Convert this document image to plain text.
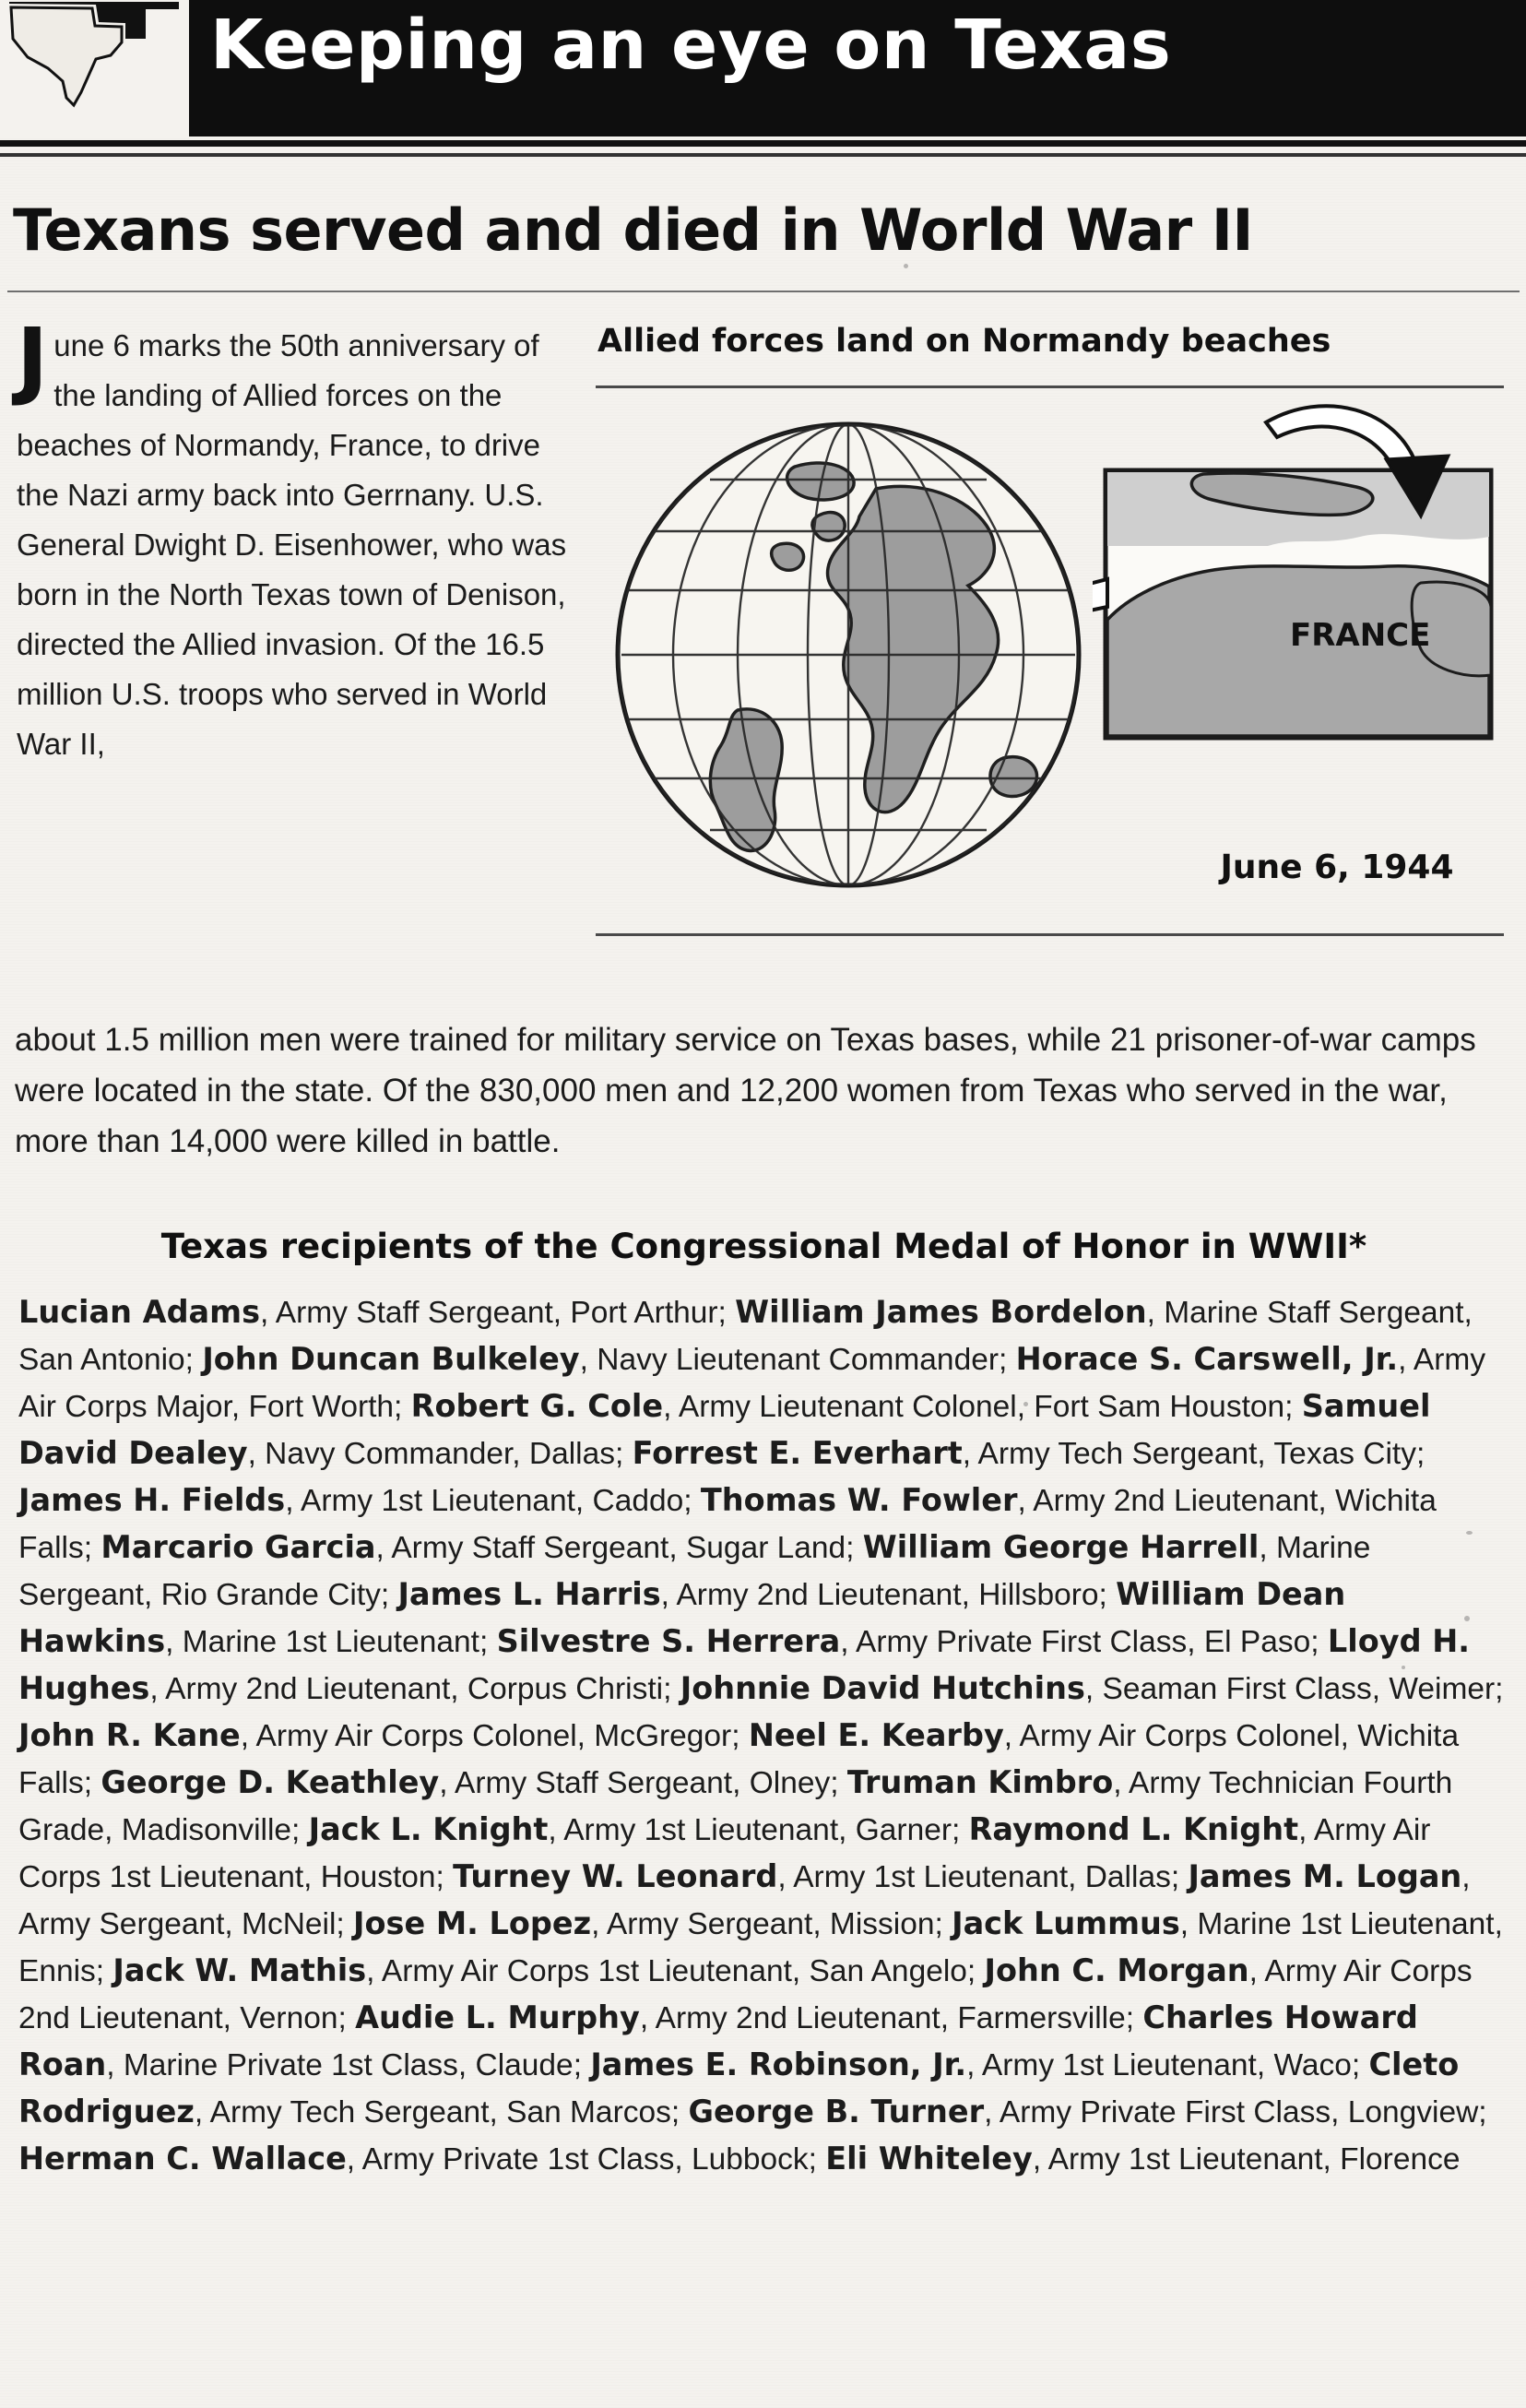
Keeping an eye on Texas
Texans served and died in World War II
June 6 marks the 50th anniversary of the landing of Allied forces on the beaches of Normandy, France, to drive the Nazi army back into Gerrnany. U.S. General Dwight D. Eisenhower, who was born in the North Texas town of Denison, directed the Allied invasion. Of the 16.5 million U.S. troops who served in World War II,
Allied forces land on Normandy beaches
FRANCE
June 6, 1944
about 1.5 million men were trained for military service on Texas bases, while 21 prisoner-of-war camps were located in the state. Of the 830,000 men and 12,200 women from Texas who served in the war, more than 14,000 were killed in battle.
Texas recipients of the Congressional Medal of Honor in WWII*
Lucian Adams, Army Staff Sergeant, Port Arthur; William James Bordelon, Marine Staff Sergeant, San Antonio; John Duncan Bulkeley, Navy Lieutenant Commander; Horace S. Carswell, Jr., Army Air Corps Major, Fort Worth; Robert G. Cole, Army Lieutenant Colonel, Fort Sam Houston; Samuel David Dealey, Navy Commander, Dallas; Forrest E. Everhart, Army Tech Sergeant, Texas City; James H. Fields, Army 1st Lieutenant, Caddo; Thomas W. Fowler, Army 2nd Lieutenant, Wichita Falls; Marcario Garcia, Army Staff Sergeant, Sugar Land; William George Harrell, Marine Sergeant, Rio Grande City; James L. Harris, Army 2nd Lieutenant, Hillsboro; William Dean Hawkins, Marine 1st Lieutenant; Silvestre S. Herrera, Army Private First Class, El Paso; Lloyd H. Hughes, Army 2nd Lieutenant, Corpus Christi; Johnnie David Hutchins, Seaman First Class, Weimer; John R. Kane, Army Air Corps Colonel, McGregor; Neel E. Kearby, Army Air Corps Colonel, Wichita Falls; George D. Keathley, Army Staff Sergeant, Olney; Truman Kimbro, Army Technician Fourth Grade, Madisonville; Jack L. Knight, Army 1st Lieutenant, Garner; Raymond L. Knight, Army Air Corps 1st Lieutenant, Houston; Turney W. Leonard, Army 1st Lieutenant, Dallas; James M. Logan, Army Sergeant, McNeil; Jose M. Lopez, Army Sergeant, Mission; Jack Lummus, Marine 1st Lieutenant, Ennis; Jack W. Mathis, Army Air Corps 1st Lieutenant, San Angelo; John C. Morgan, Army Air Corps 2nd Lieutenant, Vernon; Audie L. Murphy, Army 2nd Lieutenant, Farmersville; Charles Howard Roan, Marine Private 1st Class, Claude; James E. Robinson, Jr., Army 1st Lieutenant, Waco; Cleto Rodriguez, Army Tech Sergeant, San Marcos; George B. Turner, Army Private First Class, Longview; Herman C. Wallace, Army Private 1st Class, Lubbock; Eli Whiteley, Army 1st Lieutenant, Florence
